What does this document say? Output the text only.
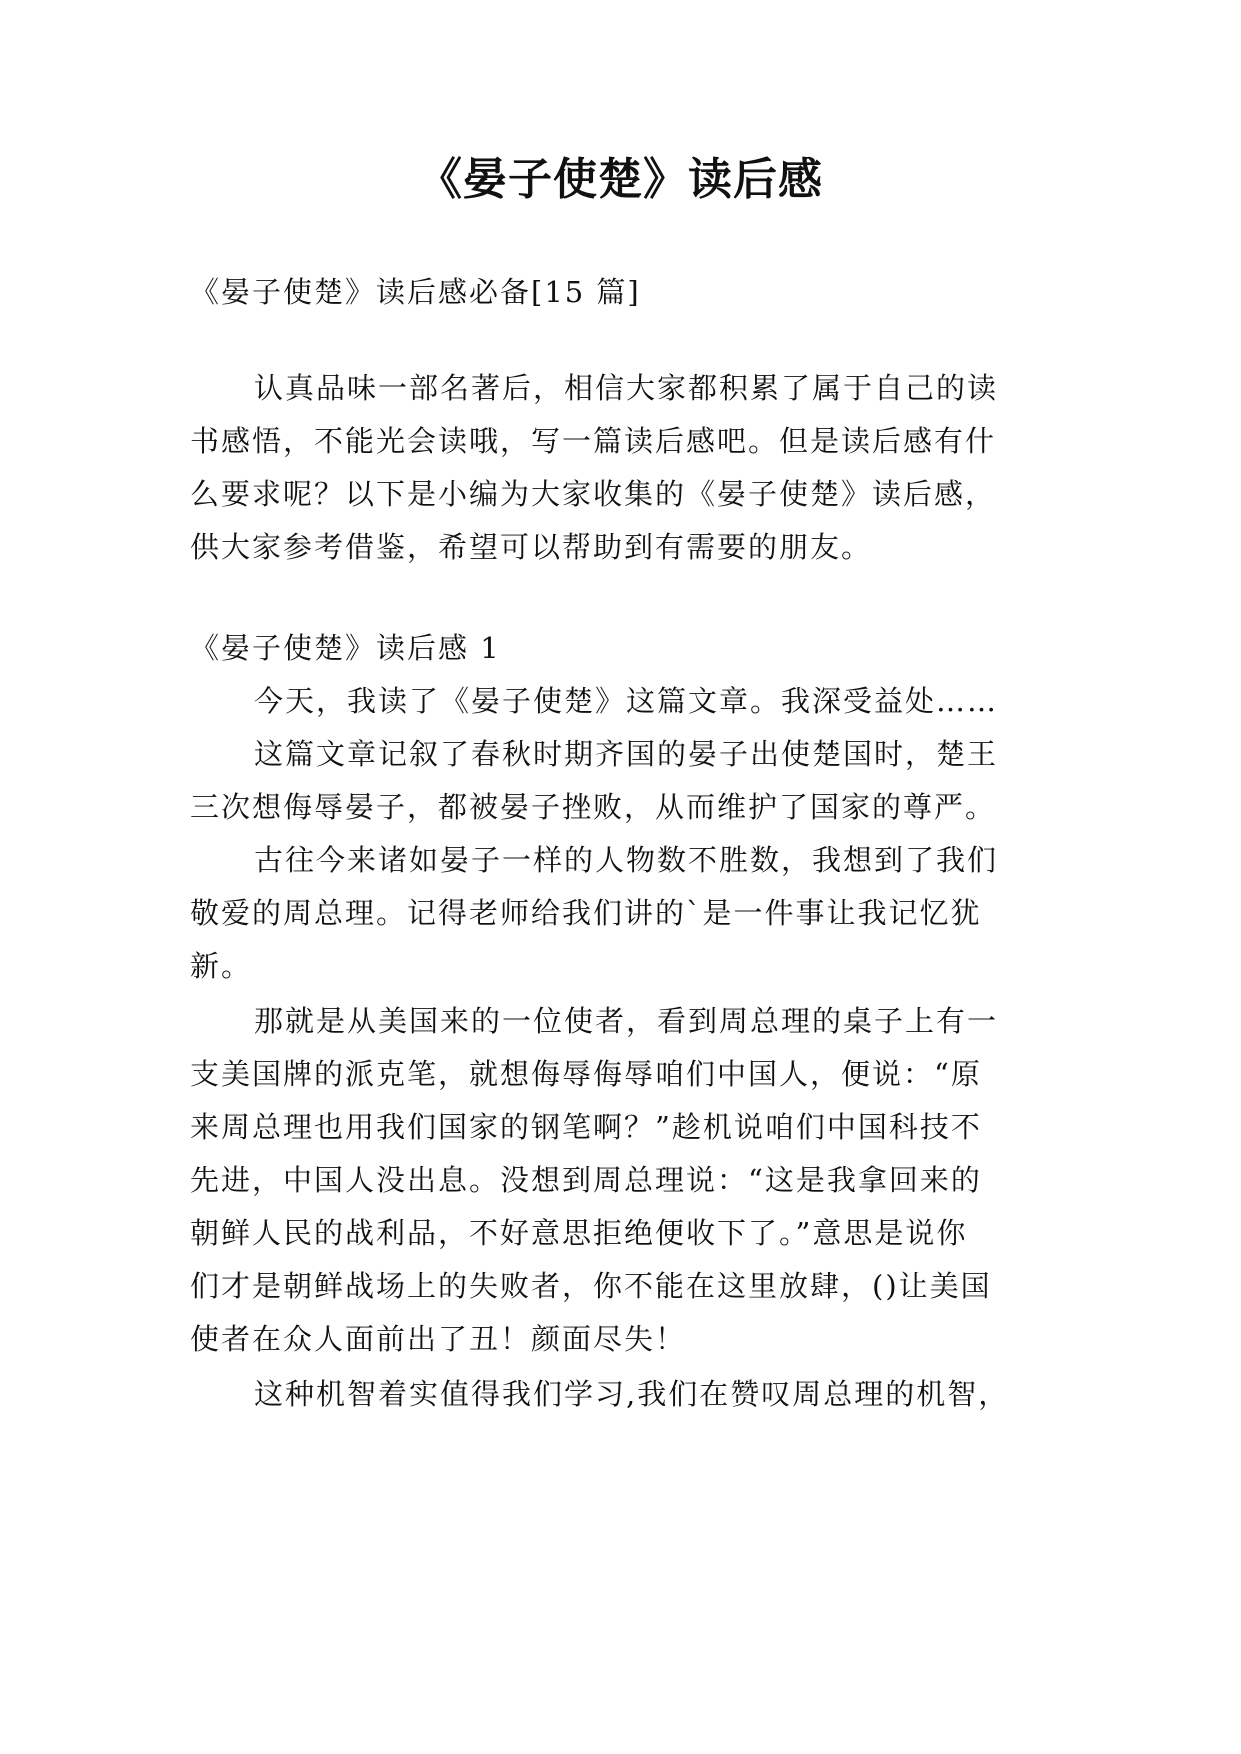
《晏子使楚》读后感
《晏子使楚》读后感必备[15 篇]
认真品味一部名著后，相信大家都积累了属于自己的读
书感悟，不能光会读哦，写一篇读后感吧。但是读后感有什
么要求呢？以下是小编为大家收集的《晏子使楚》读后感，
供大家参考借鉴，希望可以帮助到有需要的朋友。
《晏子使楚》读后感 1
今天，我读了《晏子使楚》这篇文章。我深受益处……
这篇文章记叙了春秋时期齐国的晏子出使楚国时，楚王
三次想侮辱晏子，都被晏子挫败，从而维护了国家的尊严。
古往今来诸如晏子一样的人物数不胜数，我想到了我们
敬爱的周总理。记得老师给我们讲的`是一件事让我记忆犹
新。
那就是从美国来的一位使者，看到周总理的桌子上有一
支美国牌的派克笔，就想侮辱侮辱咱们中国人，便说：“原
来周总理也用我们国家的钢笔啊？”趁机说咱们中国科技不
先进，中国人没出息。没想到周总理说：“这是我拿回来的
朝鲜人民的战利品，不好意思拒绝便收下了。”意思是说你
们才是朝鲜战场上的失败者，你不能在这里放肆，()让美国
使者在众人面前出了丑！颜面尽失！
这种机智着实值得我们学习,我们在赞叹周总理的机智，
